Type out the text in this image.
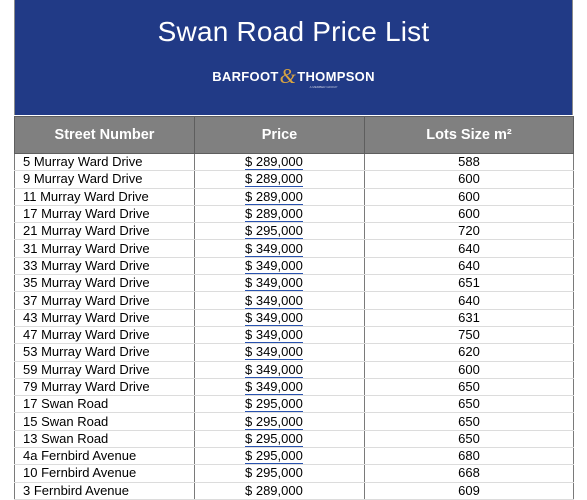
Swan Road Price List
BARFOOT&THOMPSON
A MEMBER GROUP
Street Number	Price	Lots Size m²
5 Murray Ward Drive	$ 289,000	588
9 Murray Ward Drive	$ 289,000	600
11 Murray Ward Drive	$ 289,000	600
17 Murray Ward Drive	$ 289,000	600
21 Murray Ward Drive	$ 295,000	720
31 Murray Ward Drive	$ 349,000	640
33 Murray Ward Drive	$ 349,000	640
35 Murray Ward Drive	$ 349,000	651
37 Murray Ward Drive	$ 349,000	640
43 Murray Ward Drive	$ 349,000	631
47 Murray Ward Drive	$ 349,000	750
53 Murray Ward Drive	$ 349,000	620
59 Murray Ward Drive	$ 349,000	600
79 Murray Ward Drive	$ 349,000	650
17 Swan Road	$ 295,000	650
15 Swan Road	$ 295,000	650
13 Swan Road	$ 295,000	650
4a Fernbird Avenue	$ 295,000	680
10 Fernbird Avenue	$ 295,000	668
3 Fernbird Avenue	$ 289,000	609
